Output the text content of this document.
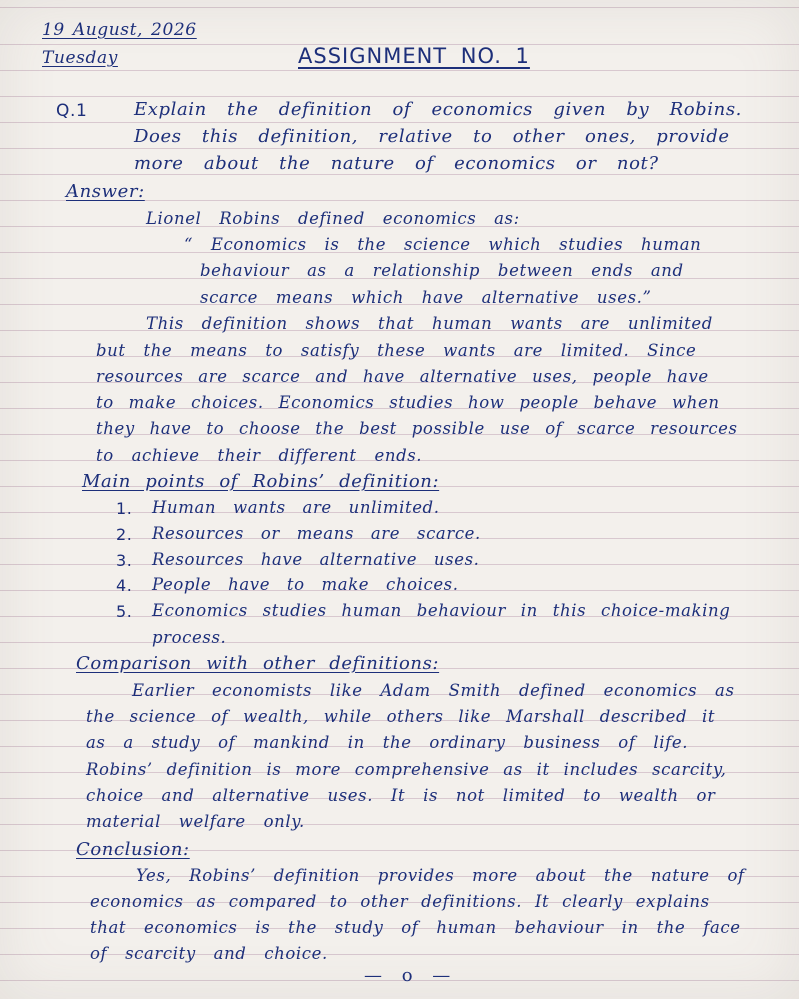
19 August, 2026
Tuesday	ASSIGNMENT NO. 1
Q.1	Explain the definition of economics given by Robins.
Does this definition, relative to other ones, provide
more about the nature of economics or not?
Answer:
Lionel Robins defined economics as:
“ Economics is the science which studies human
behaviour as a relationship between ends and
scarce means which have alternative uses.”
This definition shows that human wants are unlimited
but the means to satisfy these wants are limited. Since
resources are scarce and have alternative uses, people have
to make choices. Economics studies how people behave when
they have to choose the best possible use of scarce resources
to achieve their different ends.
Main points of Robins’ definition:
1. Human wants are unlimited.
2. Resources or means are scarce.
3. Resources have alternative uses.
4. People have to make choices.
5. Economics studies human behaviour in this choice-making
process.
Comparison with other definitions:
Earlier economists like Adam Smith defined economics as
the science of wealth, while others like Marshall described it
as a study of mankind in the ordinary business of life.
Robins’ definition is more comprehensive as it includes scarcity,
choice and alternative uses. It is not limited to wealth or
material welfare only.
Conclusion:
Yes, Robins’ definition provides more about the nature of
economics as compared to other definitions. It clearly explains
that economics is the study of human behaviour in the face
of scarcity and choice.
— o —
